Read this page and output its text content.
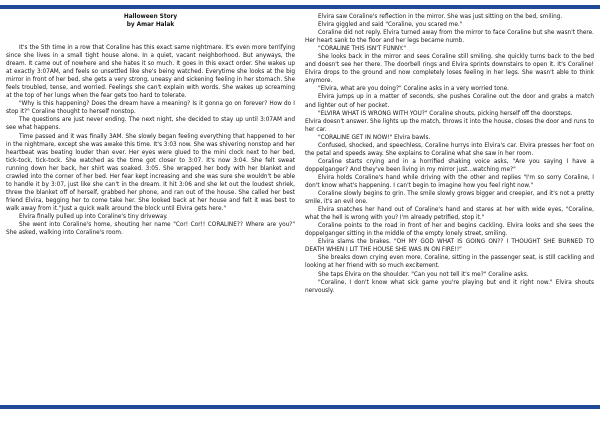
Halloween Story
by Amar Halak

It's the 5th time in a row that Coraline has this exact same nightmare. It's even more terrifying since she lives in a small tight house alone. In a quiet, vacant neighborhood. But anyways, the dream. It came out of nowhere and she hates it so much. It goes in this exact order. She wakes up at exactly 3:07AM, and feels so unsettled like she's being watched. Everytime she looks at the big mirror in front of her bed, she gets a very strong, uneasy and sickening feeling in her stomach. She feels troubled, tense, and worried. Feelings she can't explain with words. She wakes up screaming at the top of her lungs when the fear gets too hard to tolerate.

"Why is this happening? Does the dream have a meaning? Is it gonna go on forever? How do I stop it?" Coraline thought to herself nonstop.

The questions are just never ending. The next night, she decided to stay up until 3:07AM and see what happens.

Time passed and it was finally 3AM. She slowly began feeling everything that happened to her in the nightmare, except she was awake this time. It's 3:03 now. She was shivering nonstop and her heartbeat was beating louder than ever. Her eyes were glued to the mini clock next to her bed, tick-tock, tick-tock. She watched as the time got closer to 3:07. It's now 3:04. She felt sweat running down her back, her shirt was soaked. 3:05. She wrapped her body with her blanket and crawled into the corner of her bed. Her fear kept increasing and she was sure she wouldn't be able to handle it by 3:07, just like she can't in the dream. It hit 3:06 and she let out the loudest shriek, threw the blanket off of herself, grabbed her phone, and ran out of the house. She called her best friend Elvira, begging her to come take her. She looked back at her house and felt it was best to walk away from it."Just a quick walk around the block until Elvira gets here."

Elvira finally pulled up into Coraline's tiny driveway.

She went into Coraline's home, shouting her name "Cor! Cor!! CORALINE?? Where are you?" She asked, walking into Coraline's room.

Elvira saw Coraline's reflection in the mirror. She was just sitting on the bed, smiling.

Elvira giggled and said "Coraline, you scared me."

Coraline did not reply. Elvira turned away from the mirror to face Coraline but she wasn't there. Her heart sank to the floor and her legs became numb.

"CORALINE THIS ISN'T FUNNY."

She looks back in the mirror and sees Coraline still smiling. she quickly turns back to the bed and doesn't see her there. The doorbell rings and Elvira sprints downstairs to open it. It's Coraline! Elvira drops to the ground and now completely loses feeling in her legs. She wasn't able to think anymore.

"Elvira, what are you doing?" Coraline asks in a very worried tone.

Elvira jumps up in a matter of seconds, she pushes Coraline out the door and grabs a match and lighter out of her pocket.

"ELVIRA WHAT IS WRONG WITH YOU?" Coraline shouts, picking herself off the doorsteps.

Elvira doesn't answer. She lights up the match, throws it into the house, closes the door and runs to her car.

"CORALINE GET IN NOW!" Elvira bawls.

Confused, shocked, and speechless, Coraline hurrys into Elvira's car. Elvira presses her foot on the petal and speeds away. She explains to Coraline what she saw in her room.

Coraline starts crying and in a horrified shaking voice asks, "Are you saying I have a doppelganger? And they've been living in my mirror just...watching me?"

Elvira holds Coraline's hand while driving with the other and replies "I'm so sorry Coraline, I don't know what's happening. I can't begin to imagine how you feel right now."

Coraline slowly begins to grin. The smile slowly grows bigger and creepier, and it's not a pretty smile, it's an evil one.

Elvira snatches her hand out of Coraline's hand and stares at her with wide eyes, "Coraline, what the hell is wrong with you? I'm already petrified, stop it."

Coraline points to the road in front of her and begins cackling. Elvira looks and she sees the doppelganger sitting in the middle of the empty lonely street, smiling.

Elvira slams the brakes. "OH MY GOD WHAT IS GOING ON?? I THOUGHT SHE BURNED TO DEATH WHEN I LIT THE HOUSE SHE WAS IN ON FIRE!!"

She breaks down crying even more. Coraline, sitting in the passenger seat, is still cackling and looking at her friend with so much excitement.

She taps Elvira on the shoulder. "Can you not tell it's me?" Coraline asks.

"Coraline, I don't know what sick game you're playing but end it right now." Elvira shouts nervously.
